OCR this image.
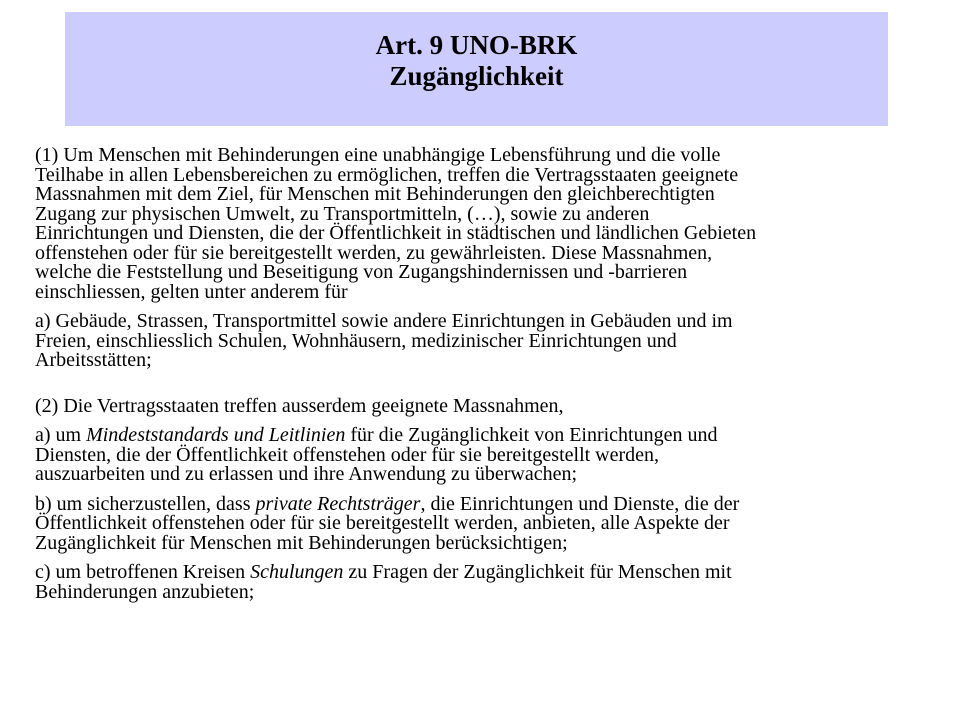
Art. 9 UNO-BRK
Zugänglichkeit

(1) Um Menschen mit Behinderungen eine unabhängige Lebensführung und die volle
Teilhabe in allen Lebensbereichen zu ermöglichen, treffen die Vertragsstaaten geeignete
Massnahmen mit dem Ziel, für Menschen mit Behinderungen den gleichberechtigten
Zugang zur physischen Umwelt, zu Transportmitteln, (…), sowie zu anderen
Einrichtungen und Diensten, die der Öffentlichkeit in städtischen und ländlichen Gebieten
offenstehen oder für sie bereitgestellt werden, zu gewährleisten. Diese Massnahmen,
welche die Feststellung und Beseitigung von Zugangshindernissen und -barrieren
einschliessen, gelten unter anderem für

a) Gebäude, Strassen, Transportmittel sowie andere Einrichtungen in Gebäuden und im
Freien, einschliesslich Schulen, Wohnhäusern, medizinischer Einrichtungen und
Arbeitsstätten;

(2) Die Vertragsstaaten treffen ausserdem geeignete Massnahmen,

a) um Mindeststandards und Leitlinien für die Zugänglichkeit von Einrichtungen und
Diensten, die der Öffentlichkeit offenstehen oder für sie bereitgestellt werden,
auszuarbeiten und zu erlassen und ihre Anwendung zu überwachen;

b) um sicherzustellen, dass private Rechtsträger, die Einrichtungen und Dienste, die der
Öffentlichkeit offenstehen oder für sie bereitgestellt werden, anbieten, alle Aspekte der
Zugänglichkeit für Menschen mit Behinderungen berücksichtigen;

c) um betroffenen Kreisen Schulungen zu Fragen der Zugänglichkeit für Menschen mit
Behinderungen anzubieten;
